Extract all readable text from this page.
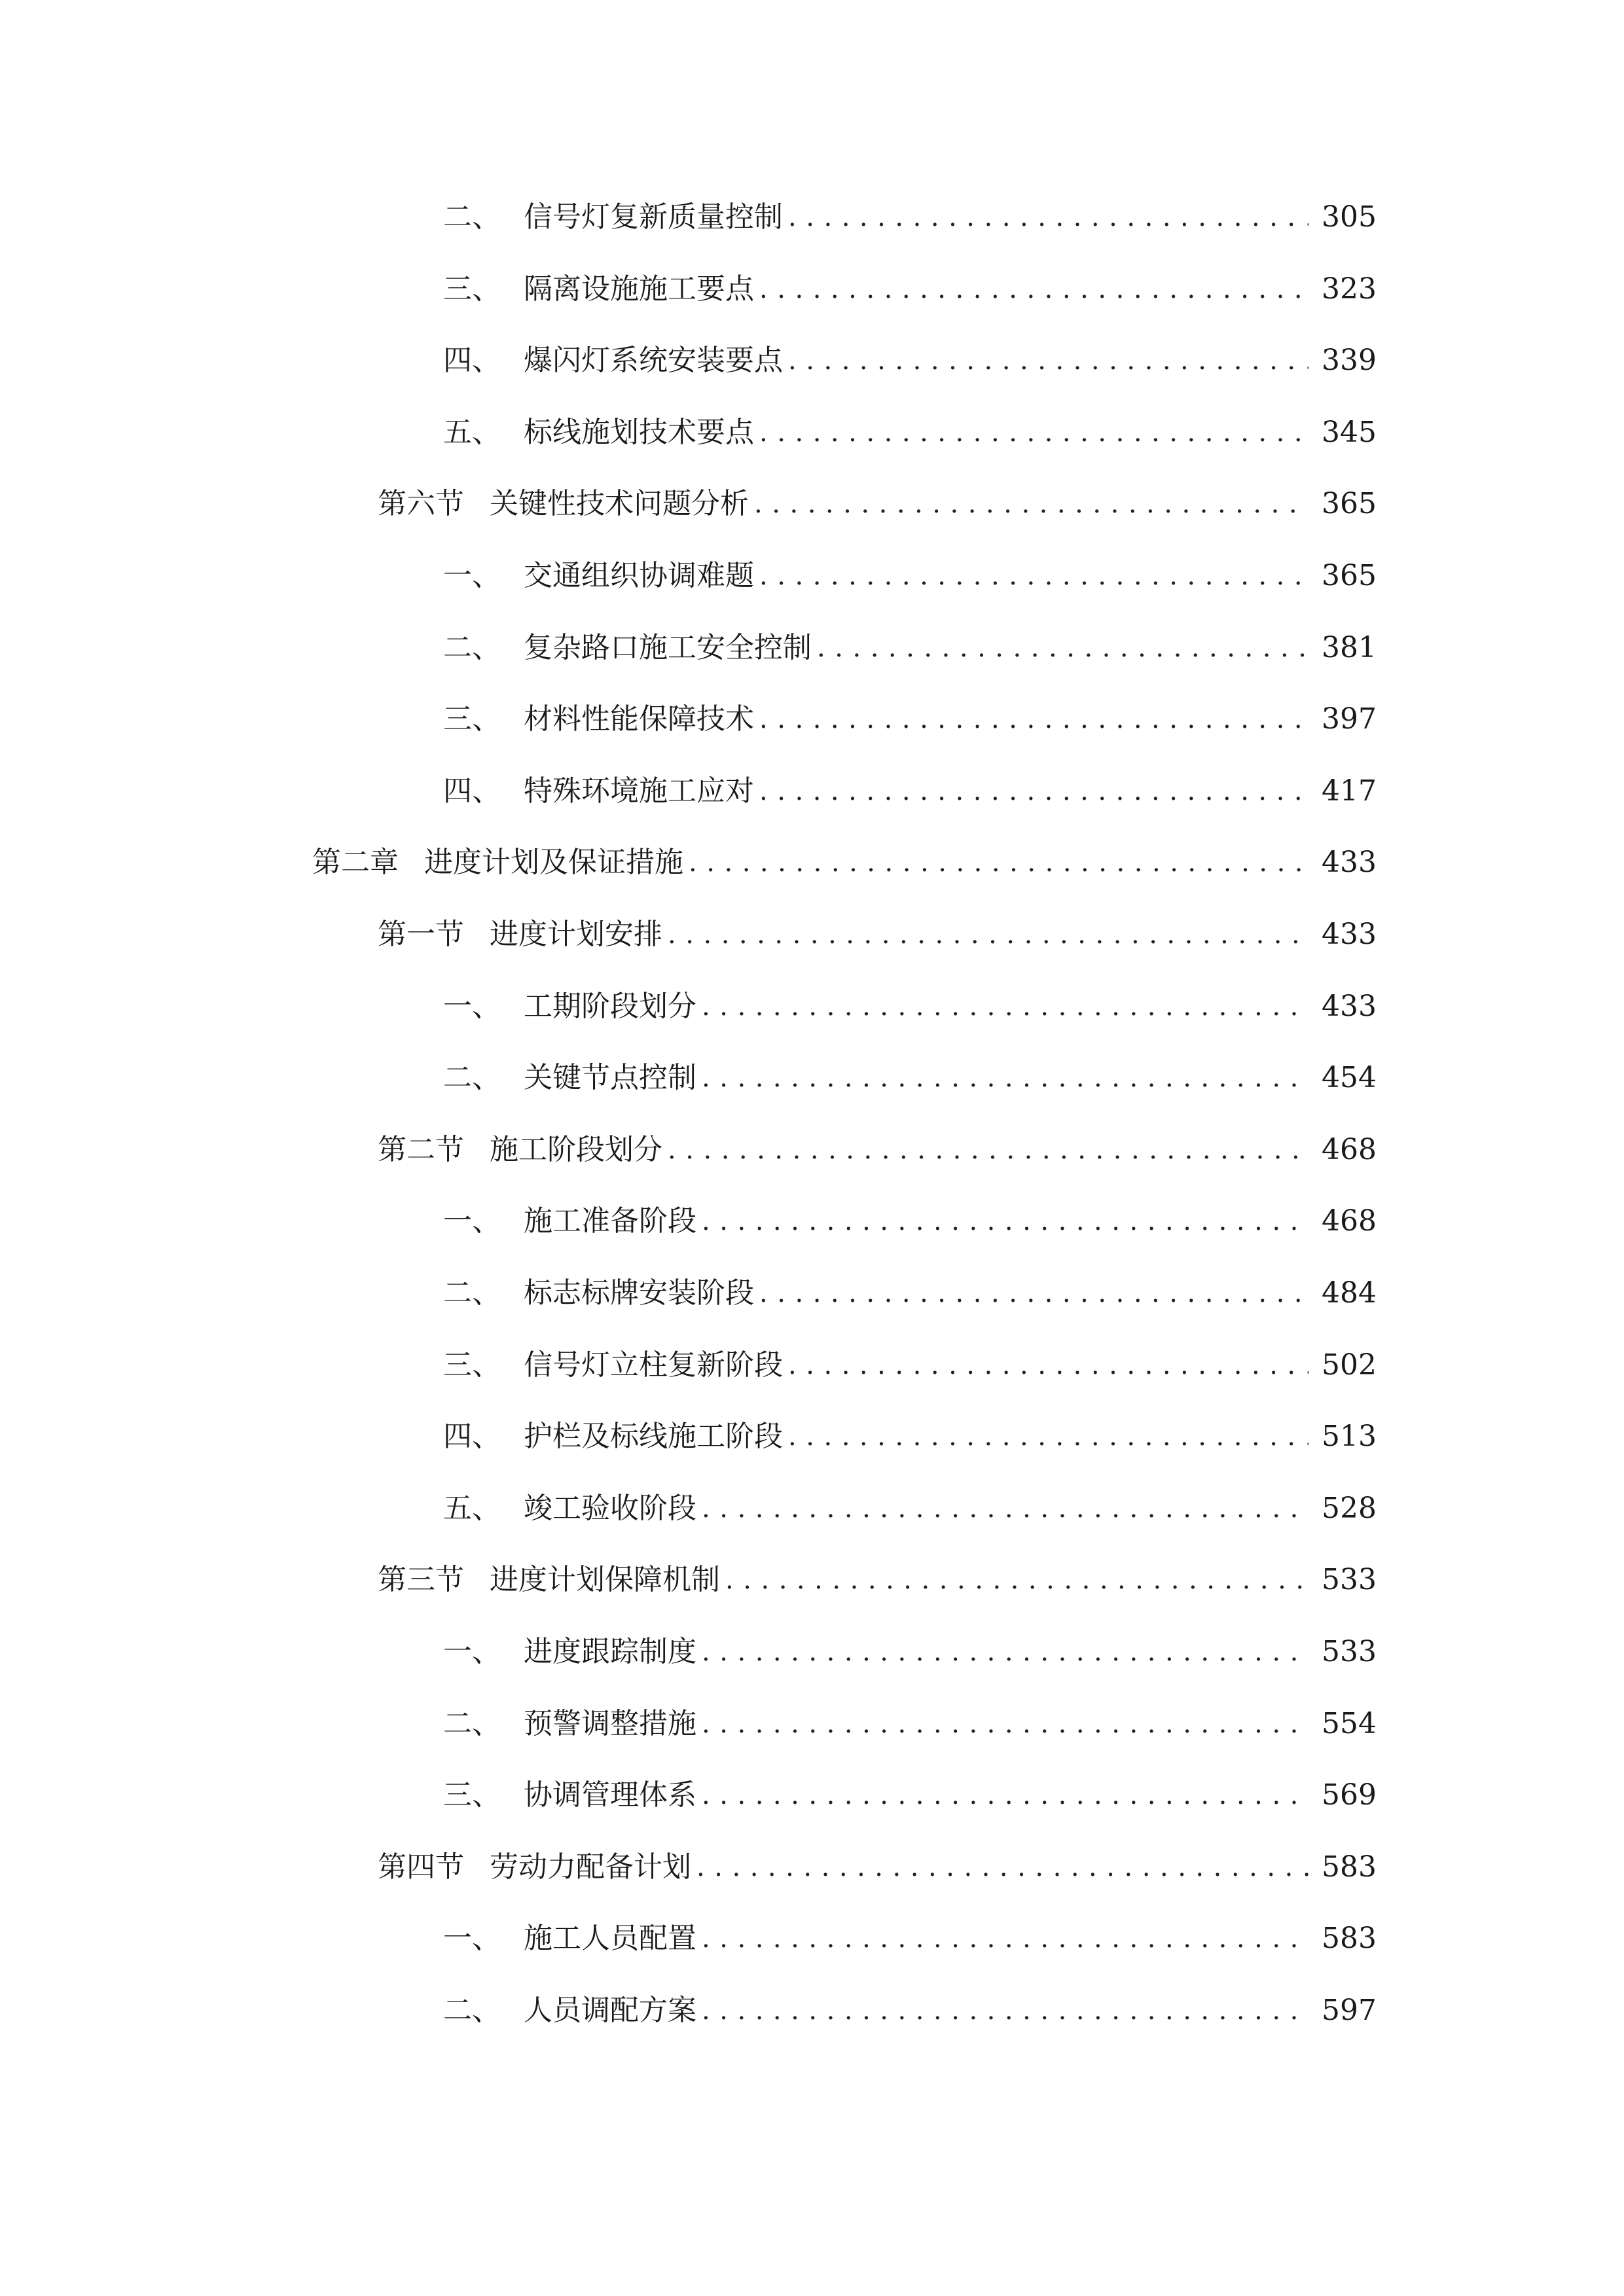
二、 信号灯复新质量控制 . . .	305
三、 隔离设施施工要点 . . .	323
四、 爆闪灯系统安装要点 . . .	339
五、 标线施划技术要点 . . .	345
第六节 关键性技术问题分析 . . .	365
一、 交通组织协调难题 . . .	365
二、 复杂路口施工安全控制 . . .	381
三、 材料性能保障技术 . . .	397
四、 特殊环境施工应对 . . .	417
第二章 进度计划及保证措施 . . .	433
第一节 进度计划安排 . . .	433
一、 工期阶段划分 . . .	433
二、 关键节点控制 . . .	454
第二节 施工阶段划分 . . .	468
一、 施工准备阶段 . . .	468
二、 标志标牌安装阶段 . . .	484
三、 信号灯立柱复新阶段 . . .	502
四、 护栏及标线施工阶段 . . .	513
五、 竣工验收阶段 . . .	528
第三节 进度计划保障机制 . . .	533
一、 进度跟踪制度 . . .	533
二、 预警调整措施 . . .	554
三、 协调管理体系 . . .	569
第四节 劳动力配备计划 . . .	583
一、 施工人员配置 . . .	583
二、 人员调配方案 . . .	597
